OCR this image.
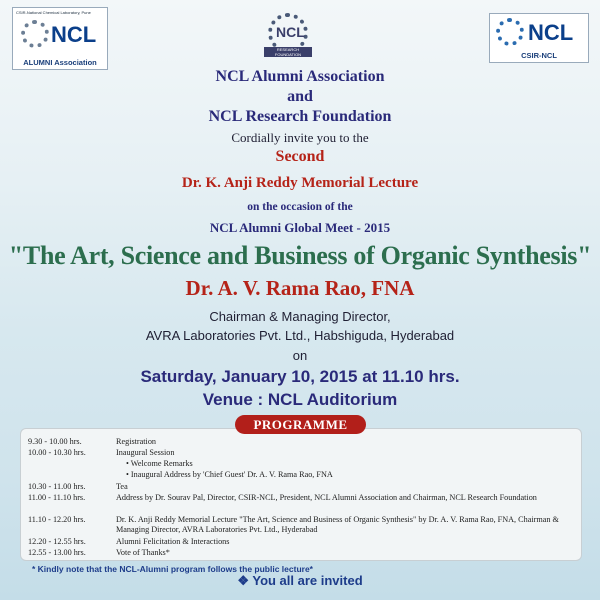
CSIR-National Chemical Laboratory, Pune
NCL
ALUMNI Association
NCL
RESEARCH FOUNDATION
NCL
CSIR-NCL
NCL Alumni Association
and
NCL Research Foundation
Cordially invite you to the
Second
Dr. K. Anji Reddy Memorial Lecture
on the occasion of the
NCL Alumni Global Meet - 2015
"The Art, Science and Business of Organic Synthesis"
Dr. A. V. Rama Rao, FNA
Chairman & Managing Director,
AVRA Laboratories Pvt. Ltd., Habshiguda, Hyderabad
on
Saturday, January 10, 2015 at 11.10 hrs.
Venue : NCL Auditorium
PROGRAMME
9.30 - 10.00 hrs.	Registration
10.00 - 10.30 hrs.	Inaugural Session
• Welcome Remarks
• Inaugural Address by 'Chief Guest' Dr. A. V. Rama Rao, FNA
10.30 - 11.00 hrs.	Tea
11.00 - 11.10 hrs.	Address by Dr. Sourav Pal, Director, CSIR-NCL, President, NCL Alumni Association and Chairman, NCL Research Foundation
11.10 - 12.20 hrs.	Dr. K. Anji Reddy Memorial Lecture "The Art, Science and Business of Organic Synthesis" by Dr. A. V. Rama Rao, FNA, Chairman & Managing Director, AVRA Laboratories Pvt. Ltd., Hyderabad
12.20 - 12.55 hrs.	Alumni Felicitation & Interactions
12.55 - 13.00 hrs.	Vote of Thanks*
* Kindly note that the NCL-Alumni program follows the public lecture*
❖ You all are invited
